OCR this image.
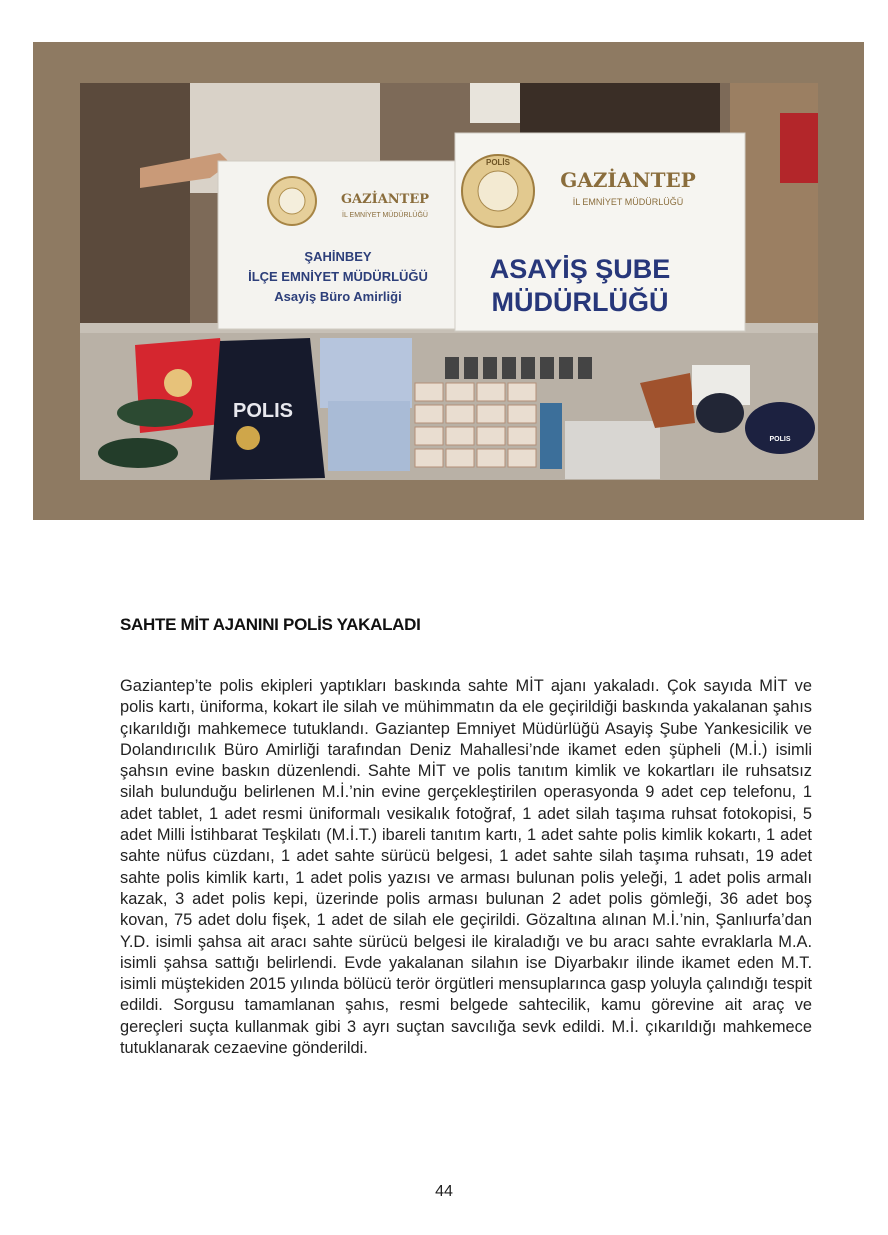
GAZİANTEP
İL EMNİYET MÜDÜRLÜĞÜ
ŞAHİNBEY
İLÇE EMNİYET MÜDÜRLÜĞÜ
Asayiş Büro Amirliği
POLİS
GAZİANTEP
İL EMNİYET MÜDÜRLÜĞÜ
ASAYİŞ ŞUBE
MÜDÜRLÜĞÜ
POLIS
POLIS
SAHTE MİT AJANINI POLİS YAKALADI
Gaziantep’te polis ekipleri yaptıkları baskında sahte MİT ajanı yakaladı. Çok sayıda MİT ve polis kartı, üniforma, kokart ile silah ve mühimmatın da ele geçirildiği baskında yakalanan şahıs çıkarıldığı mahkemece tutuklandı. Gaziantep Emniyet Müdürlüğü Asayiş Şube Yankesicilik ve Dolandırıcılık Büro Amirliği tarafından Deniz Mahallesi’nde ikamet eden şüpheli (M.İ.) isimli şahsın evine baskın düzenlendi. Sahte MİT ve polis tanıtım kimlik ve kokartları ile ruhsatsız silah bulunduğu belirlenen M.İ.’nin evine gerçekleştirilen operasyonda 9 adet cep telefonu, 1 adet tablet, 1 adet resmi üniformalı vesikalık fotoğraf, 1 adet silah taşıma ruhsat fotokopisi, 5 adet Milli İstihbarat Teşkilatı (M.İ.T.) ibareli tanıtım kartı, 1 adet sahte polis kimlik kokartı, 1 adet sahte nüfus cüzdanı, 1 adet sahte sürücü belgesi, 1 adet sahte silah taşıma ruhsatı, 19 adet sahte polis kimlik kartı, 1 adet polis yazısı ve arması bulunan polis yeleği, 1 adet polis armalı kazak, 3 adet polis kepi, üzerinde polis arması bulunan 2 adet polis gömleği, 36 adet boş kovan, 75 adet dolu fişek, 1 adet de silah ele geçirildi. Gözaltına alınan M.İ.’nin, Şanlıurfa’dan Y.D. isimli şahsa ait aracı sahte sürücü belgesi ile kiraladığı ve bu aracı sahte evraklarla M.A. isimli şahsa sattığı belirlendi. Evde yakalanan silahın ise Diyarbakır ilinde ikamet eden M.T. isimli müştekiden 2015 yılında bölücü terör örgütleri mensuplarınca gasp yoluyla çalındığı tespit edildi. Sorgusu tamamlanan şahıs, resmi belgede sahtecilik, kamu görevine ait araç ve gereçleri suçta kullanmak gibi 3 ayrı suçtan savcılığa sevk edildi. M.İ. çıkarıldığı mahkemece tutuklanarak cezaevine gönderildi.
44
